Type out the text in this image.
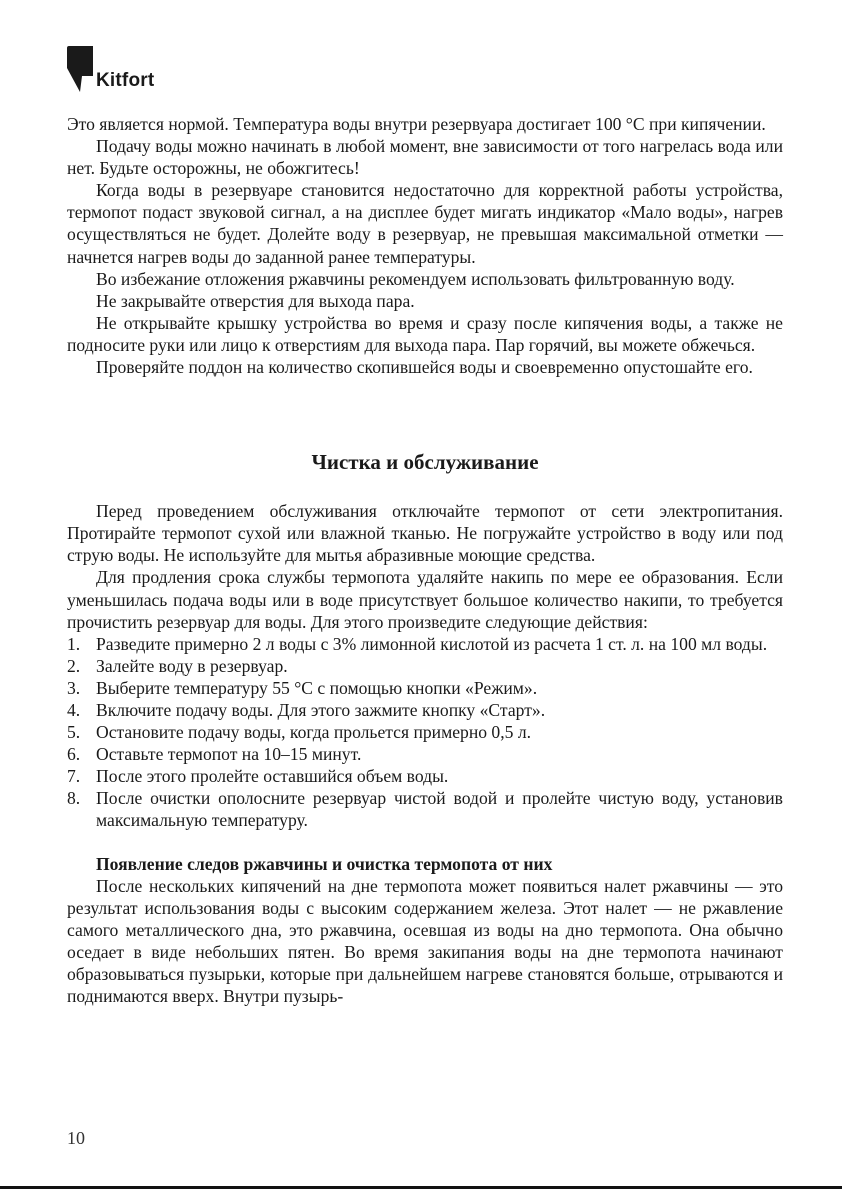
Kitfort

Это является нормой. Температура воды внутри резервуара достигает 100 °C при кипячении.

Подачу воды можно начинать в любой момент, вне зависимости от того нагрелась вода или нет. Будьте осторожны, не обожгитесь!

Когда воды в резервуаре становится недостаточно для корректной работы устройства, термопот подаст звуковой сигнал, а на дисплее будет мигать индикатор «Мало воды», нагрев осуществляться не будет. Долейте воду в резервуар, не превышая максимальной отметки — начнется нагрев воды до заданной ранее температуры.

Во избежание отложения ржавчины рекомендуем использовать фильтрованную воду.

Не закрывайте отверстия для выхода пара.

Не открывайте крышку устройства во время и сразу после кипячения воды, а также не подносите руки или лицо к отверстиям для выхода пара. Пар горячий, вы можете обжечься.

Проверяйте поддон на количество скопившейся воды и своевременно опустошайте его.

Чистка и обслуживание

Перед проведением обслуживания отключайте термопот от сети электропитания. Протирайте термопот сухой или влажной тканью. Не погружайте устройство в воду или под струю воды. Не используйте для мытья абразивные моющие средства.

Для продления срока службы термопота удаляйте накипь по мере ее образования. Если уменьшилась подача воды или в воде присутствует большое количество накипи, то требуется прочистить резервуар для воды. Для этого произведите следующие действия:

1. Разведите примерно 2 л воды с 3% лимонной кислотой из расчета 1 ст. л. на 100 мл воды.
2. Залейте воду в резервуар.
3. Выберите температуру 55 °C с помощью кнопки «Режим».
4. Включите подачу воды. Для этого зажмите кнопку «Старт».
5. Остановите подачу воды, когда прольется примерно 0,5 л.
6. Оставьте термопот на 10–15 минут.
7. После этого пролейте оставшийся объем воды.
8. После очистки ополосните резервуар чистой водой и пролейте чистую воду, установив максимальную температуру.

Появление следов ржавчины и очистка термопота от них

После нескольких кипячений на дне термопота может появиться налет ржавчины — это результат использования воды с высоким содержанием железа. Этот налет — не ржавление самого металлического дна, это ржавчина, осевшая из воды на дно термопота. Она обычно оседает в виде небольших пятен. Во время закипания воды на дне термопота начинают образовываться пузырьки, которые при дальнейшем нагреве становятся больше, отрываются и поднимаются вверх. Внутри пузырь-

10
